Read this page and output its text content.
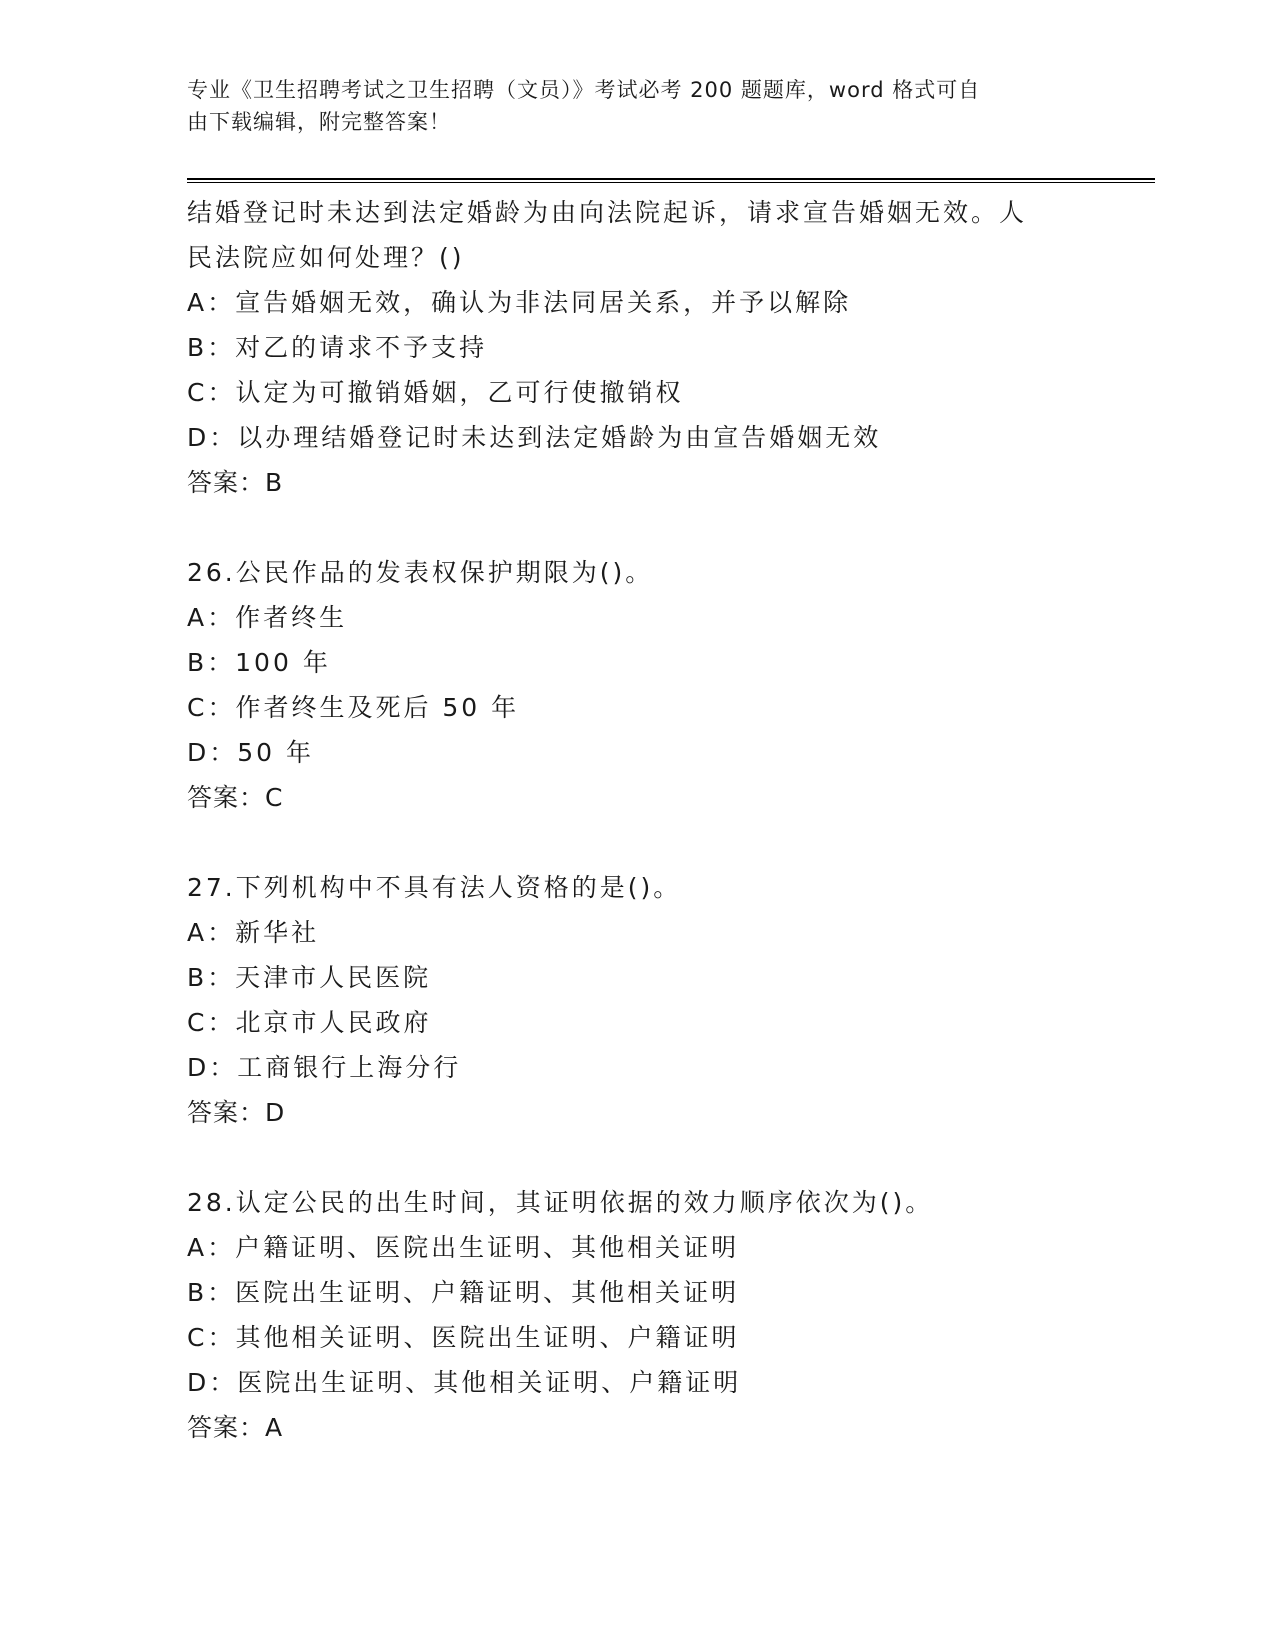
专业《卫生招聘考试之卫生招聘（文员）》考试必考 200 题题库，word 格式可自
由下载编辑，附完整答案！
结婚登记时未达到法定婚龄为由向法院起诉，请求宣告婚姻无效。人
民法院应如何处理？()
A：宣告婚姻无效，确认为非法同居关系，并予以解除
B：对乙的请求不予支持
C：认定为可撤销婚姻，乙可行使撤销权
D：以办理结婚登记时未达到法定婚龄为由宣告婚姻无效
答案：B
26.公民作品的发表权保护期限为()。
A：作者终生
B：100 年
C：作者终生及死后 50 年
D：50 年
答案：C
27.下列机构中不具有法人资格的是()。
A：新华社
B：天津市人民医院
C：北京市人民政府
D：工商银行上海分行
答案：D
28.认定公民的出生时间，其证明依据的效力顺序依次为()。
A：户籍证明、医院出生证明、其他相关证明
B：医院出生证明、户籍证明、其他相关证明
C：其他相关证明、医院出生证明、户籍证明
D：医院出生证明、其他相关证明、户籍证明
答案：A
